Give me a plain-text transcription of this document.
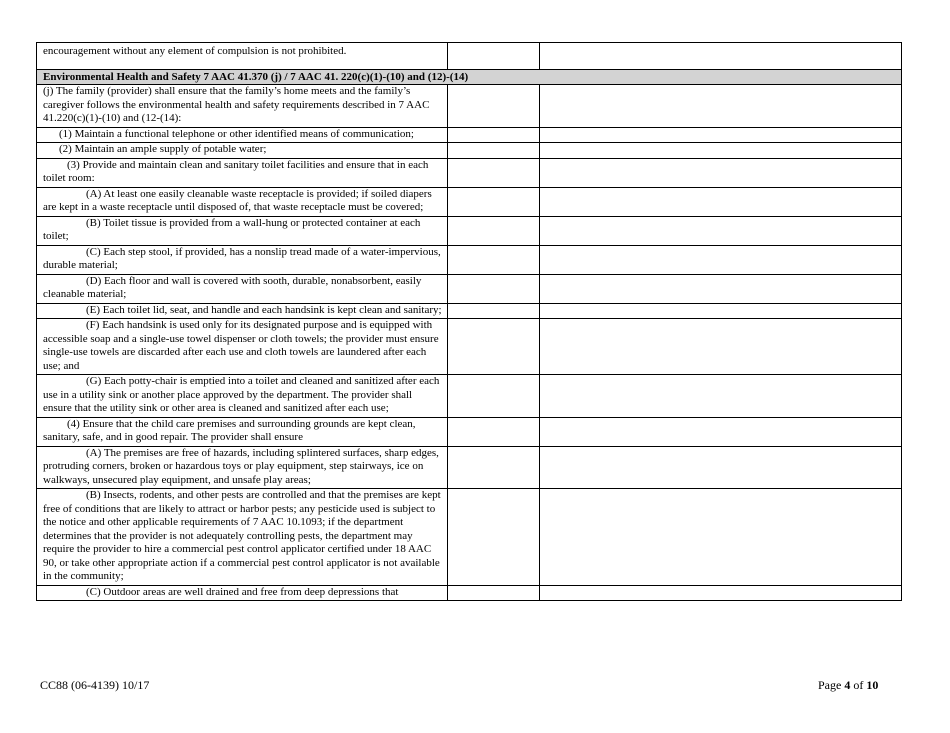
encouragement without any element of compulsion is not prohibited.		
Environmental Health and Safety 7 AAC 41.370 (j) / 7 AAC 41. 220(c)(1)-(10) and (12)-(14)		
(j) The family (provider) shall ensure that the family’s home meets and the family’s caregiver follows the environmental health and safety requirements described in 7 AAC 41.220(c)(1)-(10) and (12-(14):		
(1) Maintain a functional telephone or other identified means of communication;		
(2) Maintain an ample supply of potable water;		
(3) Provide and maintain clean and sanitary toilet facilities and ensure that in each toilet room:		
(A) At least one easily cleanable waste receptacle is provided; if soiled diapers are kept in a waste receptacle until disposed of, that waste receptacle must be covered;		
(B) Toilet tissue is provided from a wall-hung or protected container at each toilet;		
(C) Each step stool, if provided, has a nonslip tread made of a water-impervious, durable material;		
(D) Each floor and wall is covered with sooth, durable, nonabsorbent, easily cleanable material;		
(E) Each toilet lid, seat, and handle and each handsink is kept clean and sanitary;		
(F) Each handsink is used only for its designated purpose and is equipped with accessible soap and a single-use towel dispenser or cloth towels; the provider must ensure single-use towels are discarded after each use and cloth towels are laundered after each use; and		
(G) Each potty-chair is emptied into a toilet and cleaned and sanitized after each use in a utility sink or another place approved by the department. The provider shall ensure that the utility sink or other area is cleaned and sanitized after each use;		
(4) Ensure that the child care premises and surrounding grounds are kept clean, sanitary, safe, and in good repair. The provider shall ensure		
(A) The premises are free of hazards, including splintered surfaces, sharp edges, protruding corners, broken or hazardous toys or play equipment, step stairways, ice on walkways, unsecured play equipment, and unsafe play areas;		
(B) Insects, rodents, and other pests are controlled and that the premises are kept free of conditions that are likely to attract or harbor pests; any pesticide used is subject to the notice and other applicable requirements of 7 AAC 10.1093; if the department determines that the provider is not adequately controlling pests, the department may require the provider to hire a commercial pest control applicator certified under 18 AAC 90, or take other appropriate action if a commercial pest control applicator is not available in the community;		
(C) Outdoor areas are well drained and free from deep depressions that		
CC88 (06-4139) 10/17	Page 4 of 10
